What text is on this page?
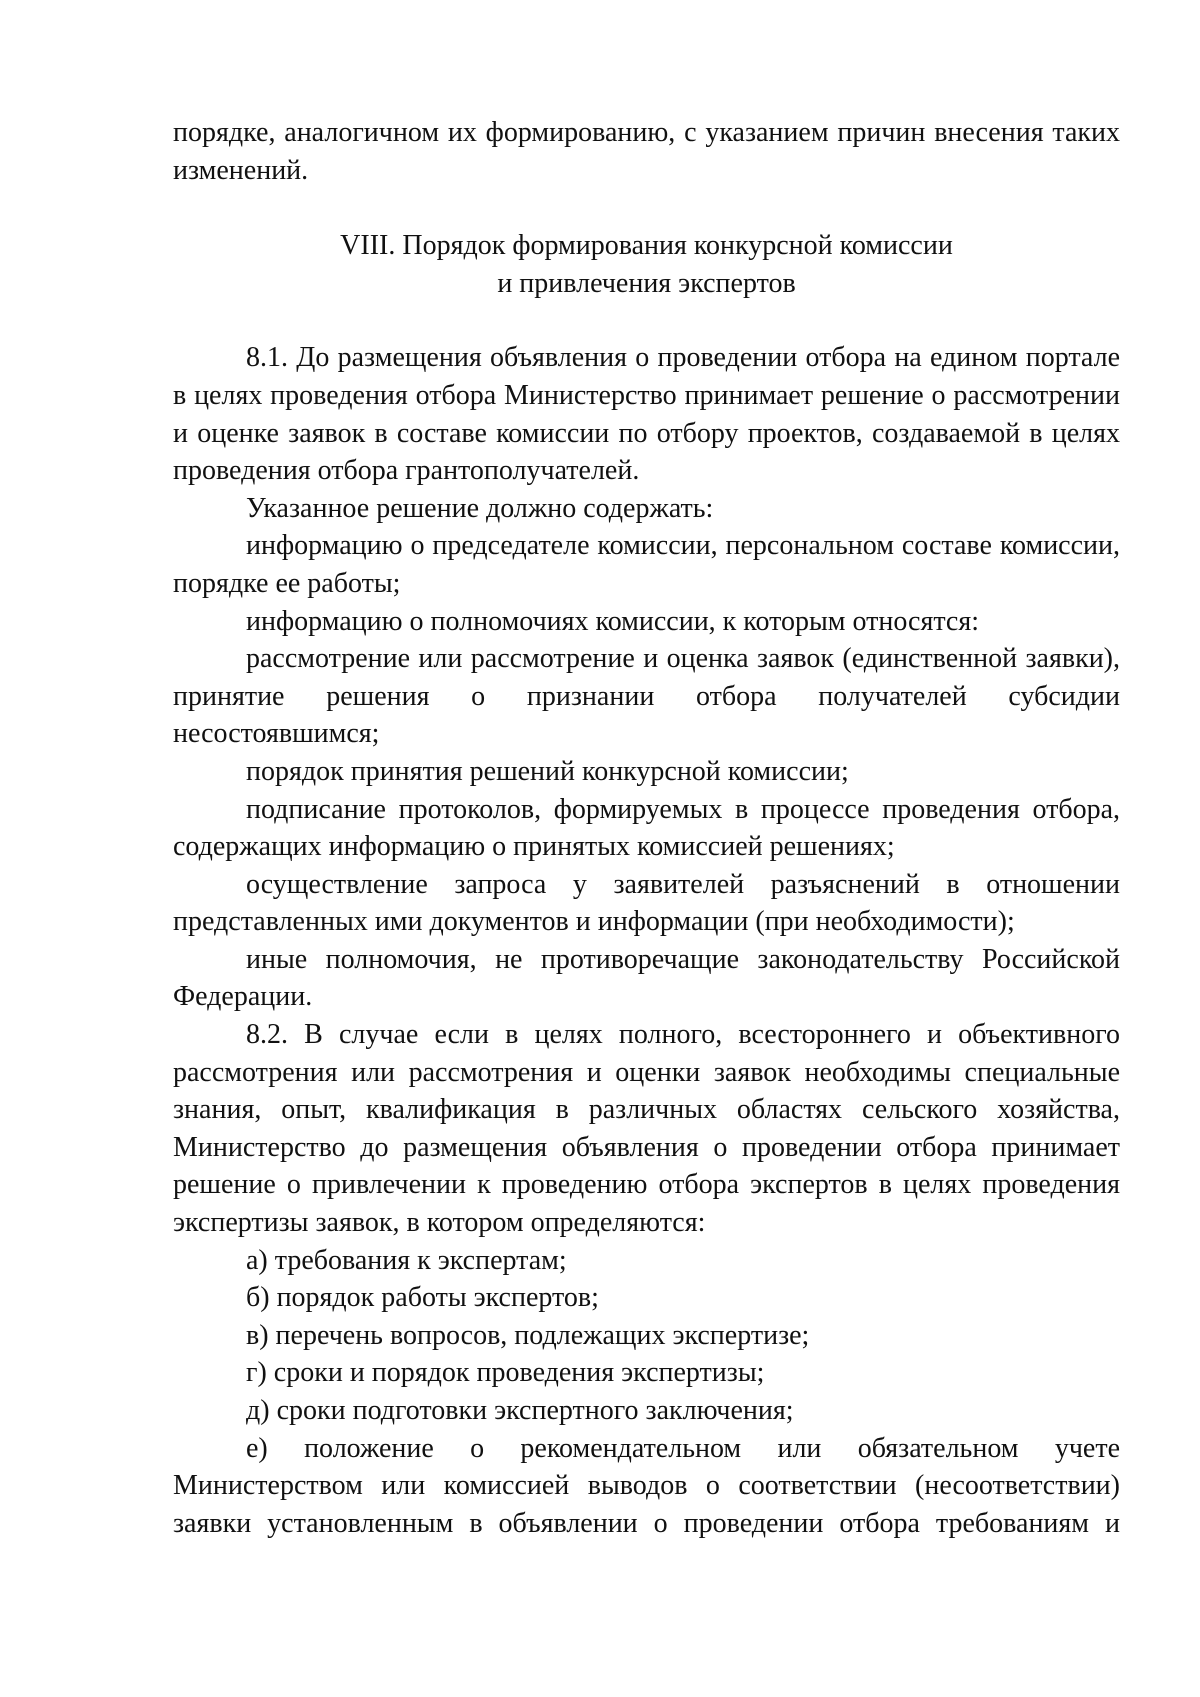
порядке, аналогичном их формированию, с указанием причин внесения таких изменений.

VIII. Порядок формирования конкурсной комиссии
и привлечения экспертов

8.1. До размещения объявления о проведении отбора на едином портале в целях проведения отбора Министерство принимает решение о рассмотрении и оценке заявок в составе комиссии по отбору проектов, создаваемой в целях проведения отбора грантополучателей.

Указанное решение должно содержать:

информацию о председателе комиссии, персональном составе комиссии, порядке ее работы;

информацию о полномочиях комиссии, к которым относятся:

рассмотрение или рассмотрение и оценка заявок (единственной заявки), принятие решения о признании отбора получателей субсидии несостоявшимся;

порядок принятия решений конкурсной комиссии;

подписание протоколов, формируемых в процессе проведения отбора, содержащих информацию о принятых комиссией решениях;

осуществление запроса у заявителей разъяснений в отношении представленных ими документов и информации (при необходимости);

иные полномочия, не противоречащие законодательству Российской Федерации.

8.2. В случае если в целях полного, всестороннего и объективного рассмотрения или рассмотрения и оценки заявок необходимы специальные знания, опыт, квалификация в различных областях сельского хозяйства, Министерство до размещения объявления о проведении отбора принимает решение о привлечении к проведению отбора экспертов в целях проведения экспертизы заявок, в котором определяются:

а) требования к экспертам;

б) порядок работы экспертов;

в) перечень вопросов, подлежащих экспертизе;

г) сроки и порядок проведения экспертизы;

д) сроки подготовки экспертного заключения;

е) положение о рекомендательном или обязательном учете Министерством или комиссией выводов о соответствии (несоответствии) заявки установленным в объявлении о проведении отбора требованиям и
